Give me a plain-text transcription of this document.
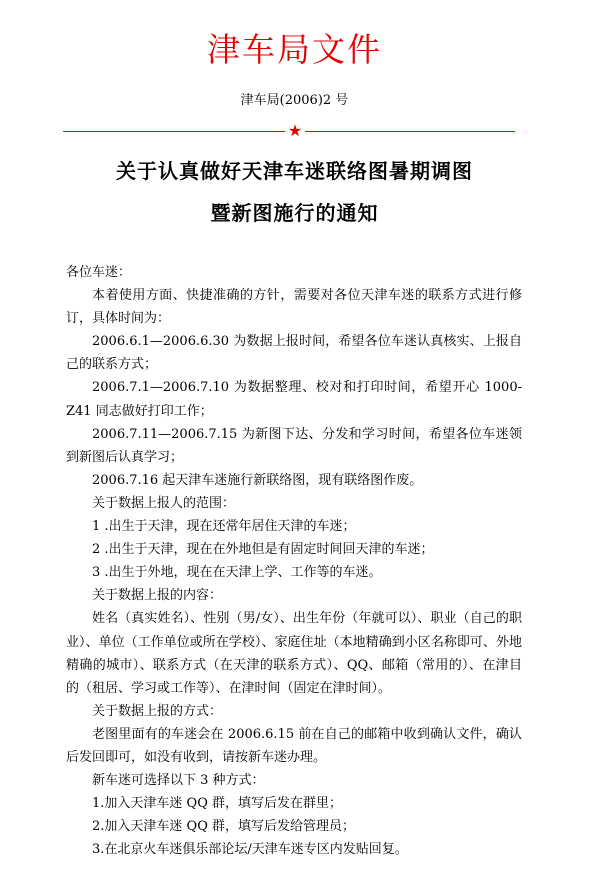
津车局文件
津车局(2006)2 号
★
关于认真做好天津车迷联络图暑期调图
暨新图施行的通知

各位车迷：

本着使用方面、快捷准确的方针，需要对各位天津车迷的联系方式进行修订，具体时间为：

2006.6.1—2006.6.30 为数据上报时间，希望各位车迷认真核实、上报自己的联系方式；

2006.7.1—2006.7.10 为数据整理、校对和打印时间，希望开心 1000-Z41 同志做好打印工作；

2006.7.11—2006.7.15 为新图下达、分发和学习时间，希望各位车迷领到新图后认真学习；

2006.7.16 起天津车迷施行新联络图，现有联络图作废。

关于数据上报人的范围：

1 .出生于天津，现在还常年居住天津的车迷；

2 .出生于天津，现在在外地但是有固定时间回天津的车迷；

3 .出生于外地，现在在天津上学、工作等的车迷。

关于数据上报的内容：

姓名（真实姓名）、性别（男/女）、出生年份（年就可以）、职业（自己的职业）、单位（工作单位或所在学校）、家庭住址（本地精确到小区名称即可、外地精确的城市）、联系方式（在天津的联系方式）、QQ、邮箱（常用的）、在津目的（租居、学习或工作等）、在津时间（固定在津时间）。

关于数据上报的方式：

老图里面有的车迷会在 2006.6.15 前在自己的邮箱中收到确认文件，确认后发回即可，如没有收到，请按新车迷办理。

新车迷可选择以下 3 种方式：

1.加入天津车迷 QQ 群，填写后发在群里；

2.加入天津车迷 QQ 群，填写后发给管理员；

3.在北京火车迷俱乐部论坛/天津车迷专区内发贴回复。
